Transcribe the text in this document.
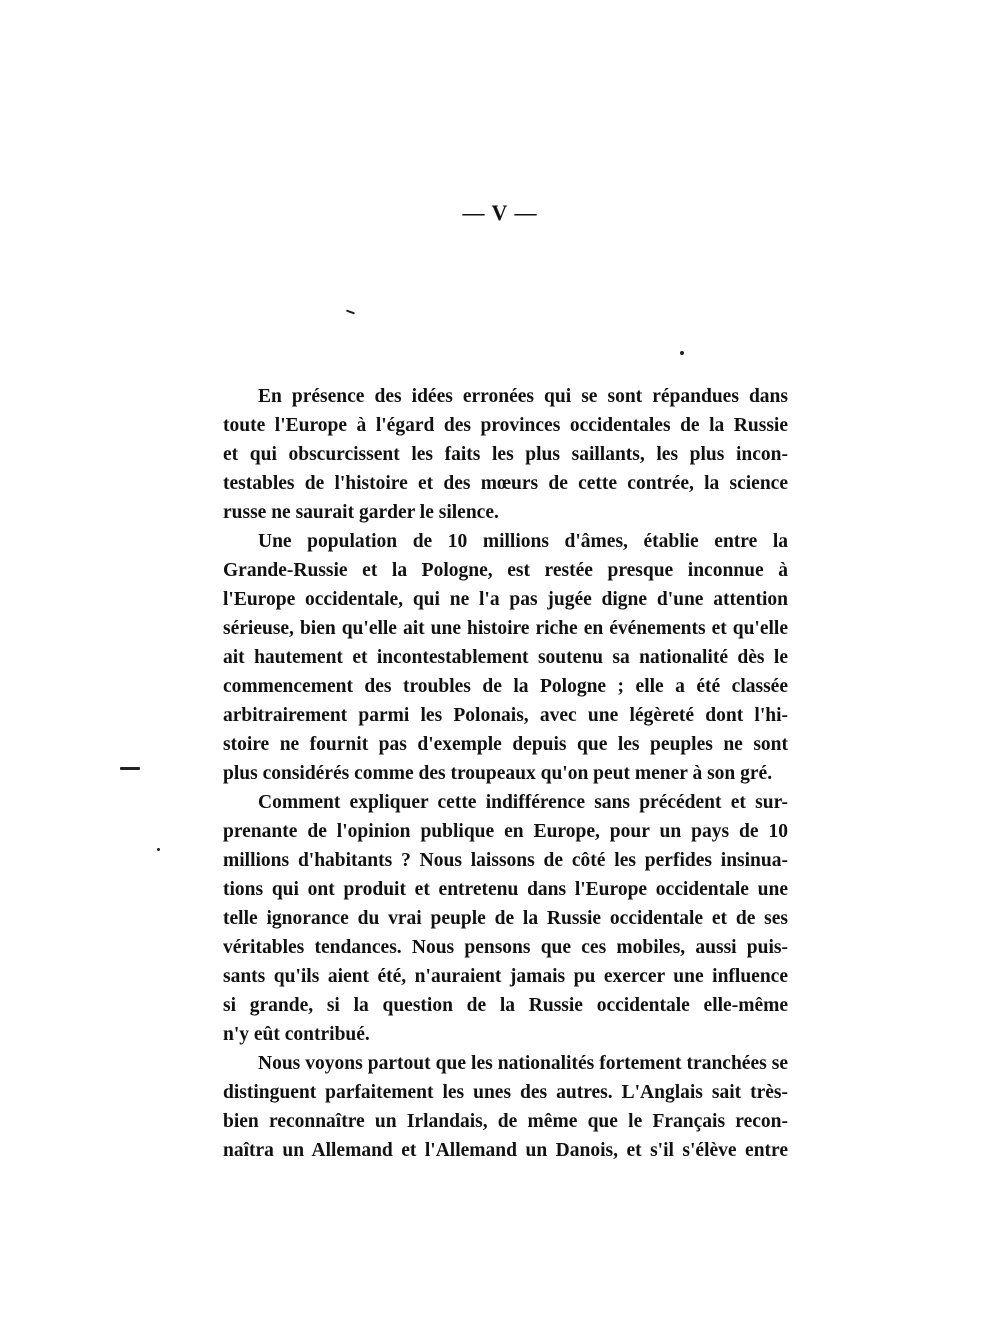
— V —
En présence des idées erronées qui se sont répandues dans
toute l'Europe à l'égard des provinces occidentales de la Russie
et qui obscurcissent les faits les plus saillants, les plus incon-
testables de l'histoire et des mœurs de cette contrée, la science
russe ne saurait garder le silence.
Une population de 10 millions d'âmes, établie entre la
Grande-Russie et la Pologne, est restée presque inconnue à
l'Europe occidentale, qui ne l'a pas jugée digne d'une attention
sérieuse, bien qu'elle ait une histoire riche en événements et qu'elle
ait hautement et incontestablement soutenu sa nationalité dès le
commencement des troubles de la Pologne ; elle a été classée
arbitrairement parmi les Polonais, avec une légèreté dont l'hi-
stoire ne fournit pas d'exemple depuis que les peuples ne sont
plus considérés comme des troupeaux qu'on peut mener à son gré.
Comment expliquer cette indifférence sans précédent et sur-
prenante de l'opinion publique en Europe, pour un pays de 10
millions d'habitants ? Nous laissons de côté les perfides insinua-
tions qui ont produit et entretenu dans l'Europe occidentale une
telle ignorance du vrai peuple de la Russie occidentale et de ses
véritables tendances. Nous pensons que ces mobiles, aussi puis-
sants qu'ils aient été, n'auraient jamais pu exercer une influence
si grande, si la question de la Russie occidentale elle-même
n'y eût contribué.
Nous voyons partout que les nationalités fortement tranchées se
distinguent parfaitement les unes des autres. L'Anglais sait très-
bien reconnaître un Irlandais, de même que le Français recon-
naîtra un Allemand et l'Allemand un Danois, et s'il s'élève entre
